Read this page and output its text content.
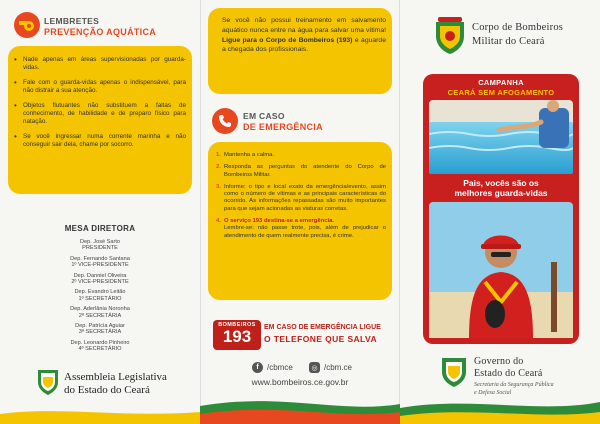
LEMBRETES
PREVENÇÃO AQUÁTICA
• Nade apenas em áreas supervisionadas por guarda-vidas.
• Fale com o guarda-vidas apenas o indispensável, para não distrair a sua atenção.
• Objetos flutuantes não substituem a faltas de conhecimento, de habilidade e de preparo físico para natação.
• Se você ingressar numa corrente marinha e não conseguir sair dela, chame por socorro.
MESA DIRETORA
Dep. José Sarto
PRESIDENTE
Dep. Fernando Santana
1º VICE-PRESIDENTE
Dep. Danniel Oliveira
2º VICE-PRESIDENTE
Dep. Evandro Leitão
1º SECRETÁRIO
Dep. Aderlânia Noronha
2ª SECRETÁRIA
Dep. Patrícia Aguiar
3ª SECRETÁRIA
Dep. Leonardo Pinheiro
4º SECRETÁRIO
Assembleia Legislativa
do Estado do Ceará
Se você não possui treinamento em salvamento aquático nunca entre na água para salvar uma vítima! Ligue para o Corpo de Bombeiros (193) e aguarde a chegada dos profissionais.
EM CASO
DE EMERGÊNCIA
1. Mantenha a calma.
2. Responda as perguntas do atendente do Corpo de Bombeiros Militar.
3. Informe: o tipo e local exato da emergência/evento, assim como o número de vítimas e as principais características do ocorrido. As informações repassadas são muito importantes para que sejam acionadas as viaturas corretas.
4. O serviço 193 destina-se a emergência.
Lembre-se: não passe trote, pois, além de prejudicar o atendimento de quem realmente precisa, é crime.
BOMBEIROS
193	EM CASO DE EMERGÊNCIA LIGUE
O TELEFONE QUE SALVA
f	/cbmce	◎ /cbm.ce
www.bombeiros.ce.gov.br
Corpo de Bombeiros
Militar do Ceará
CAMPANHA
CEARÁ SEM AFOGAMENTO
Pais, vocês são os
melhores guarda-vidas
Governo do
Estado do Ceará
Secretaria da Segurança Pública
e Defesa Social
